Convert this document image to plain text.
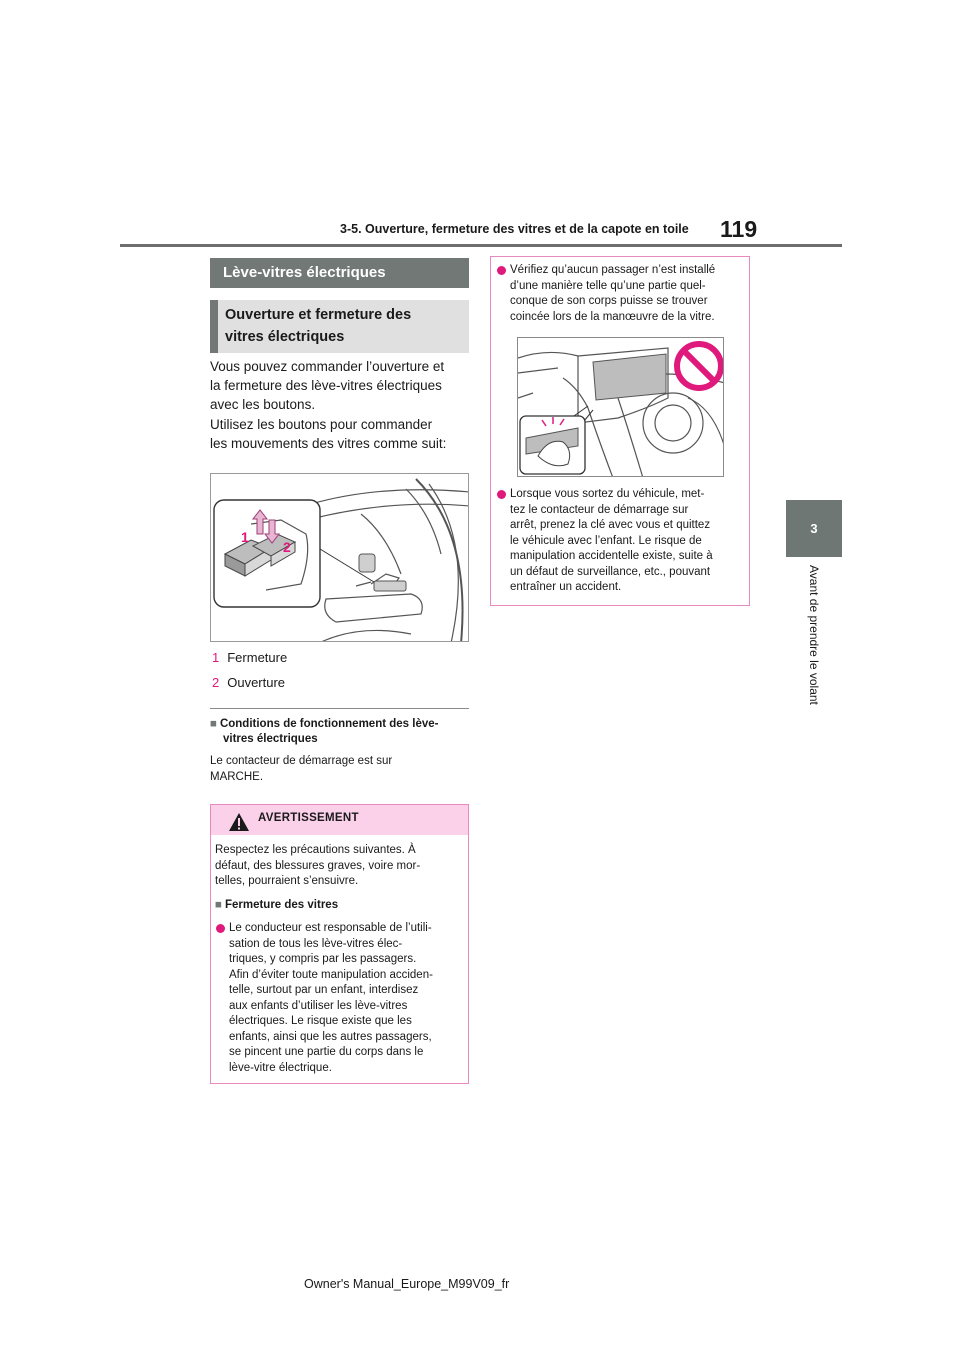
3-5. Ouverture, fermeture des vitres et de la capote en toile 119
3
Avant de prendre le volant
Lève-vitres électriques
Ouverture et fermeture des
vitres électriques

Vous pouvez commander l’ouverture et

la fermeture des lève-vitres électriques

avec les boutons.

Utilisez les boutons pour commander

les mouvements des vitres comme suit:

1
2
1 Fermeture
2 Ouverture
■ Conditions de fonctionnement des lève-
vitres électriques
Le contacteur de démarrage est sur
MARCHE.
AVERTISSEMENT
Respectez les précautions suivantes. À
défaut, des blessures graves, voire mor-
telles, pourraient s’ensuivre.
■ Fermeture des vitres
Le conducteur est responsable de l’utili-
sation de tous les lève-vitres élec-
triques, y compris par les passagers.
Afin d’éviter toute manipulation acciden-
telle, surtout par un enfant, interdisez
aux enfants d’utiliser les lève-vitres
électriques. Le risque existe que les
enfants, ainsi que les autres passagers,
se pincent une partie du corps dans le
lève-vitre électrique.
Vérifiez qu’aucun passager n’est installé
d’une manière telle qu’une partie quel-
conque de son corps puisse se trouver
coincée lors de la manœuvre de la vitre.
Lorsque vous sortez du véhicule, met-
tez le contacteur de démarrage sur
arrêt, prenez la clé avec vous et quittez
le véhicule avec l’enfant. Le risque de
manipulation accidentelle existe, suite à
un défaut de surveillance, etc., pouvant
entraîner un accident.
Owner's Manual_Europe_M99V09_fr
